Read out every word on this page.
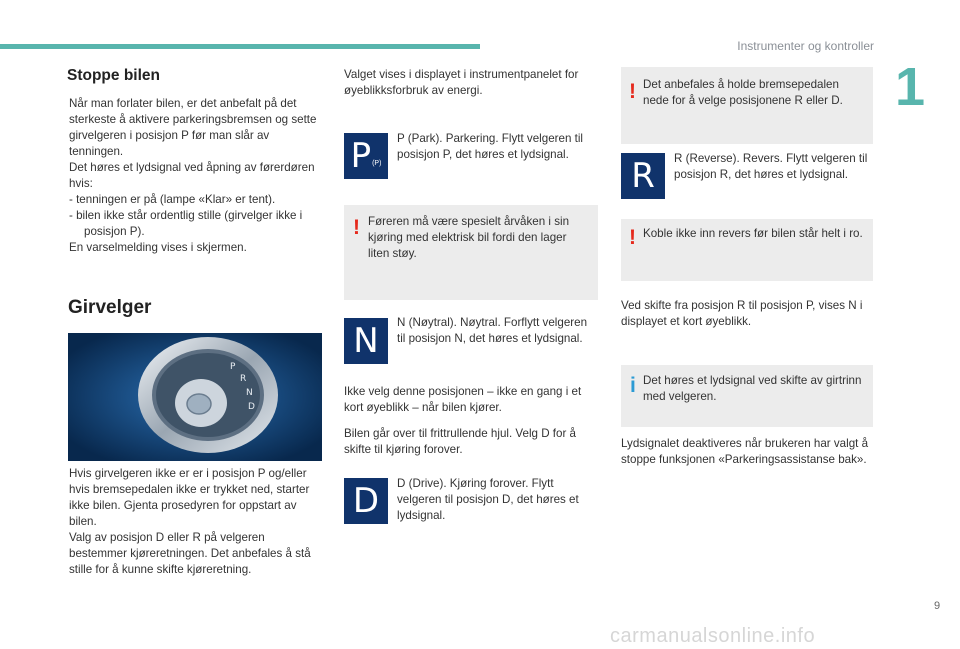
Instrumenter og kontroller
1
Stoppe bilen

Når man forlater bilen, er det anbefalt på det sterkeste å aktivere parkeringsbremsen og sette girvelgeren i posisjon P før man slår av tenningen.

Det høres et lydsignal ved åpning av førerdøren hvis:

- tenningen er på (lampe «Klar» er tent).

- bilen ikke står ordentlig stille (girvelger ikke i posisjon P).

En varselmelding vises i skjermen.

Girvelger
P
R
N
D

Hvis girvelgeren ikke er er i posisjon P og/eller hvis bremsepedalen ikke er trykket ned, starter ikke bilen. Gjenta prosedyren for oppstart av bilen.

Valg av posisjon D eller R på velgeren bestemmer kjøreretningen. Det anbefales å stå stille for å kunne skifte kjøreretning.

Valget vises i displayet i instrumentpanelet for øyeblikksforbruk av energi.
P (P)
P (Park). Parkering. Flytt velgeren til posisjon P, det høres et lydsignal.
! Føreren må være spesielt årvåken i sin kjøring med elektrisk bil fordi den lager liten støy.
N N (Nøytral). Nøytral. Forflytt velgeren til posisjon N, det høres et lydsignal.
Ikke velg denne posisjonen – ikke en gang i et kort øyeblikk – når bilen kjører.
Bilen går over til frittrullende hjul. Velg D for å skifte til kjøring forover.
D D (Drive). Kjøring forover. Flytt velgeren til posisjon D, det høres et lydsignal.
! Det anbefales å holde bremsepedalen nede for å velge posisjonene R eller D.
R R (Reverse). Revers. Flytt velgeren til posisjon R, det høres et lydsignal.
! Koble ikke inn revers før bilen står helt i ro.
Ved skifte fra posisjon R til posisjon P, vises N i displayet et kort øyeblikk.
i Det høres et lydsignal ved skifte av girtrinn med velgeren.
Lydsignalet deaktiveres når brukeren har valgt å stoppe funksjonen «Parkeringsassistanse bak».
9
carmanualsonline.info
